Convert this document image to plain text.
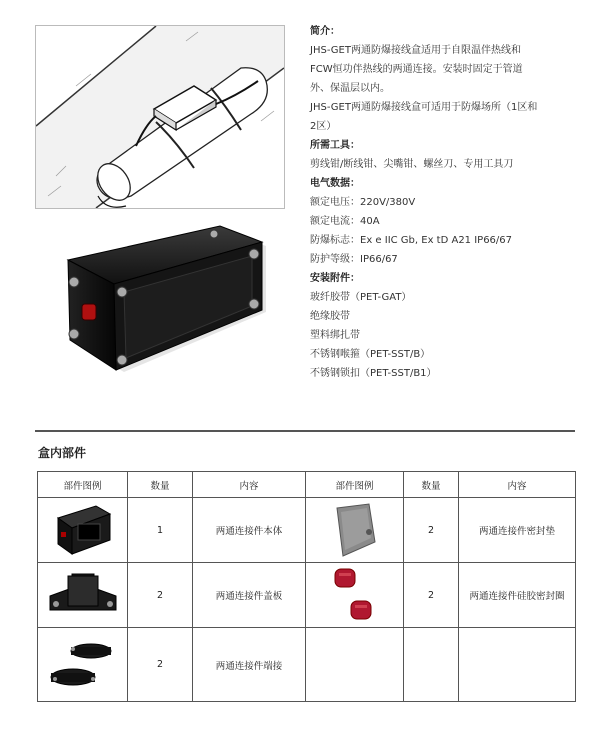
简介：
JHS-GET两通防爆接线盒适用于自限温伴热线和
FCW恒功伴热线的两通连接。安装时固定于管道
外、保温层以内。
JHS-GET两通防爆接线盒可适用于防爆场所（1区和
2区）
所需工具：
剪线钳/断线钳、尖嘴钳、螺丝刀、专用工具刀
电气数据：
额定电压：220V/380V
额定电流：40A
防爆标志：Ex e IIC Gb, Ex tD A21 IP66/67
防护等级：IP66/67
安装附件：
玻纤胶带（PET-GAT）
绝缘胶带
塑料绑扎带
不锈钢喉箍（PET-SST/B）
不锈钢锁扣（PET-SST/B1）
盒内部件
部件图例	数量	内容	部件图例	数量	内容

	1	两通连接件本体		2	两通连接件密封垫

	2	两通连接件盖板		2	两通连接件硅胶密封圈

	2	两通连接件端接			
